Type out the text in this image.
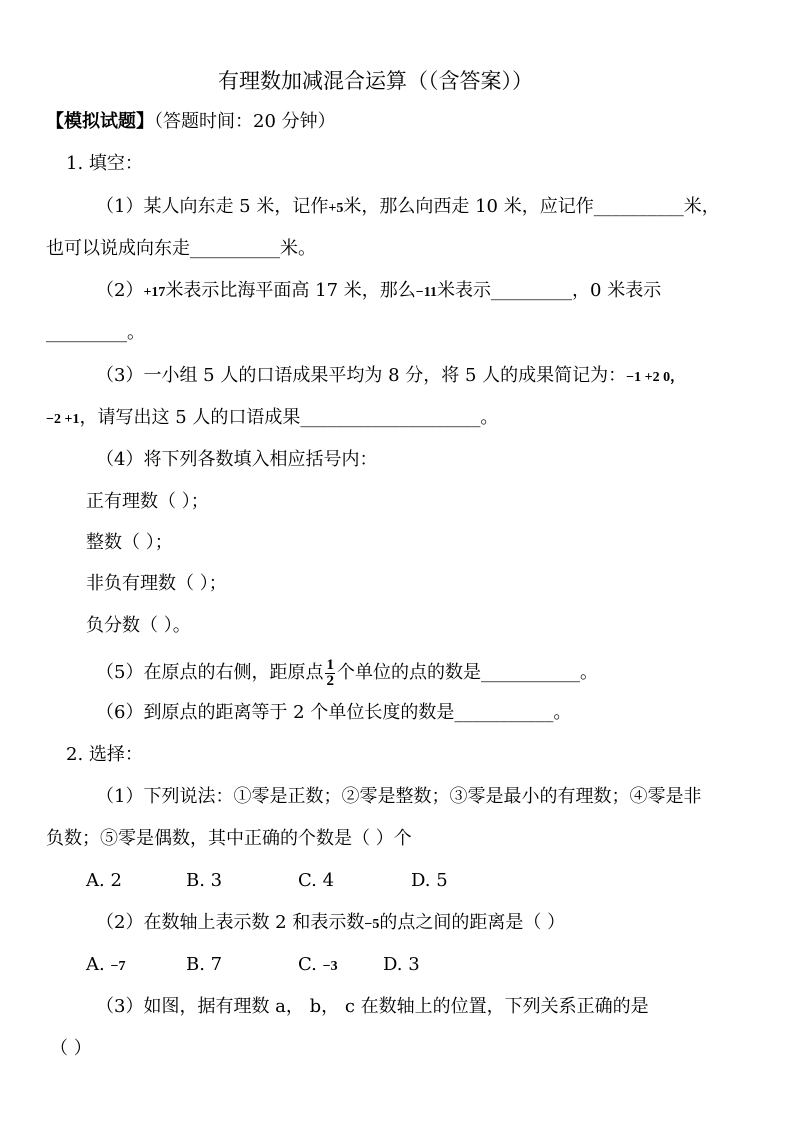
有理数加减混合运算（（含答案））
【模拟试题】（答题时间：20 分钟）
1. 填空：
（1）某人向东走 5 米，记作+5米，那么向西走 10 米，应记作__________米，
也可以说成向东走__________米。
（2）+17米表示比海平面高 17 米，那么−11米表示_________，0 米表示
_________。
（3）一小组 5 人的口语成果平均为 8 分，将 5 人的成果简记为：−1 +2 0，
−2 +1，请写出这 5 人的口语成果____________________。
（4）将下列各数填入相应括号内：
正有理数（ ）；
整数（ ）；
非负有理数（ ）；
负分数（ ）。
（5）在原点的右侧，距原点 $\frac{1}{2}$ 个单位的点的数是___________。
（6）到原点的距离等于 2 个单位长度的数是___________。
2. 选择：
（1）下列说法：①零是正数；②零是整数；③零是最小的有理数；④零是非
负数；⑤零是偶数，其中正确的个数是（ ）个
A. 2	B. 3	C. 4	D. 5
（2）在数轴上表示数 2 和表示数−5的点之间的距离是（ ）
A. −7	B. 7	C. −3	D. 3
（3）如图，据有理数 a， b， c 在数轴上的位置，下列关系正确的是
（ ）
